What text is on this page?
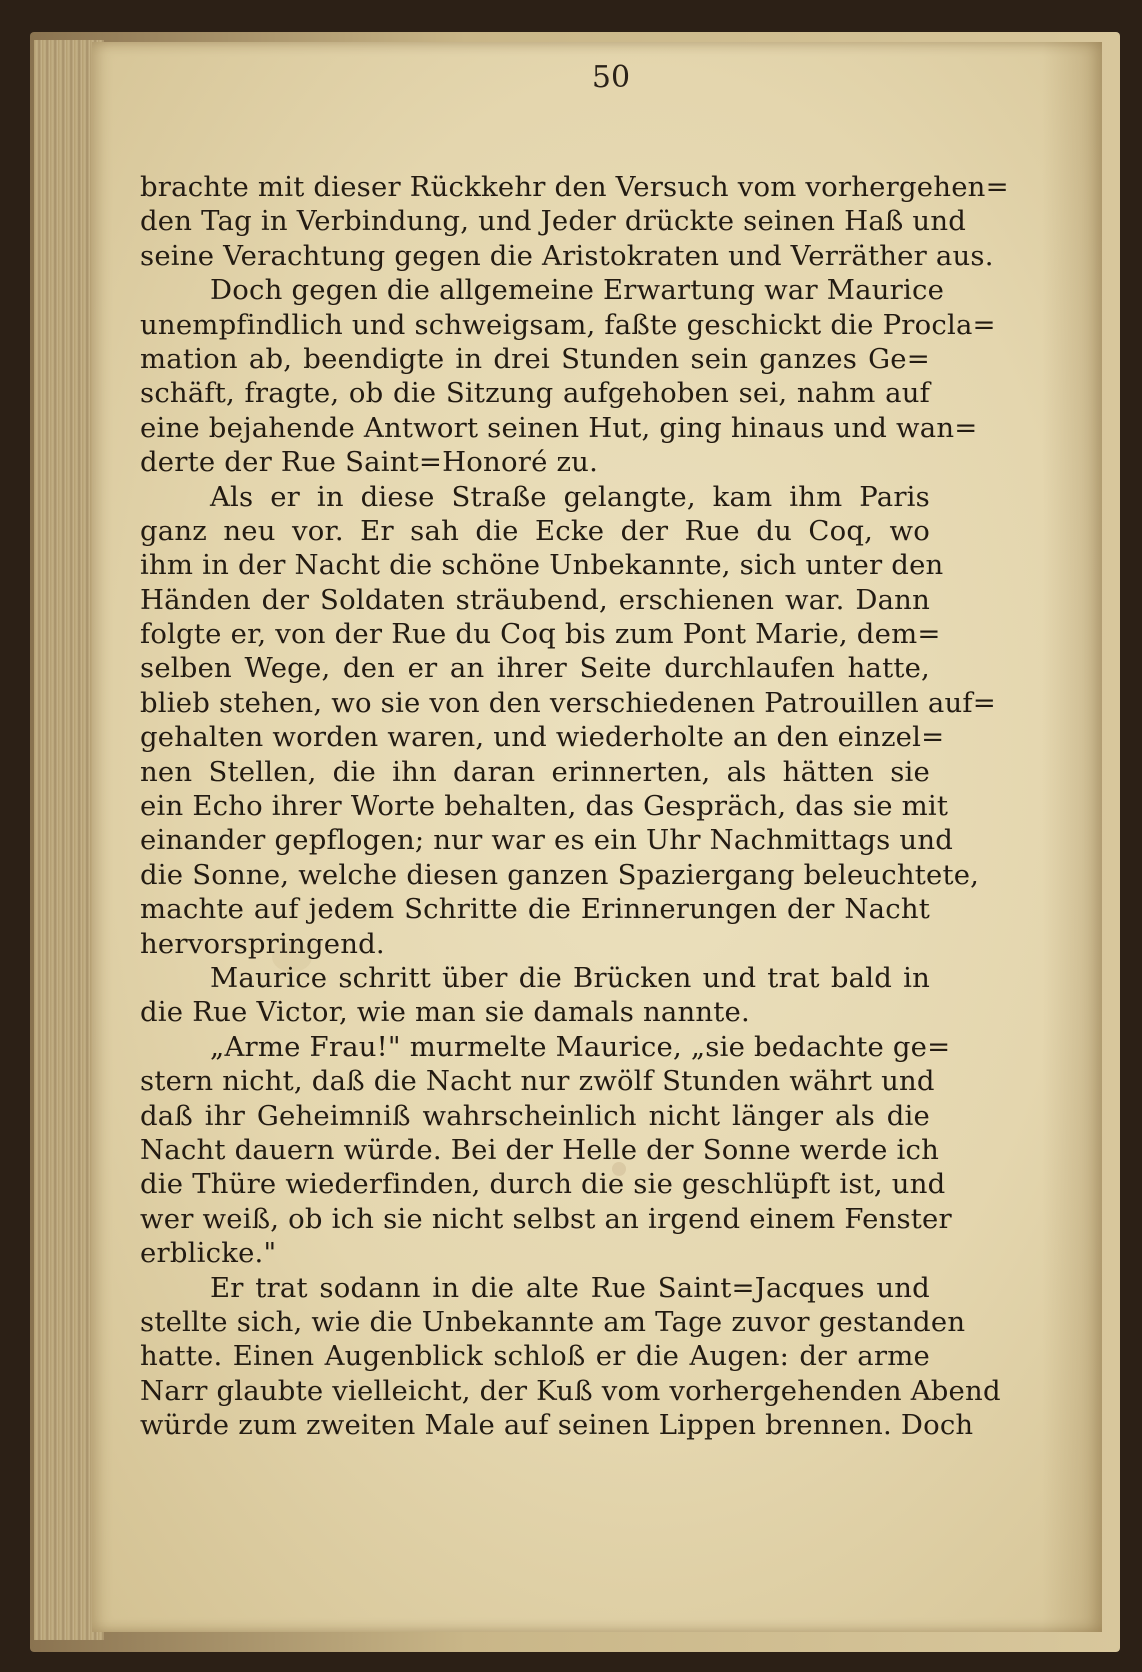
50
brachte mit dieser Rückkehr den Versuch vom vorhergehen=
den Tag in Verbindung, und Jeder drückte seinen Haß und
seine Verachtung gegen die Aristokraten und Verräther aus.
Doch gegen die allgemeine Erwartung war Maurice
unempfindlich und schweigsam, faßte geschickt die Procla=
mation ab, beendigte in drei Stunden sein ganzes Ge=
schäft, fragte, ob die Sitzung aufgehoben sei, nahm auf
eine bejahende Antwort seinen Hut, ging hinaus und wan=
derte der Rue Saint=Honoré zu.
Als er in diese Straße gelangte, kam ihm Paris
ganz neu vor. Er sah die Ecke der Rue du Coq, wo
ihm in der Nacht die schöne Unbekannte, sich unter den
Händen der Soldaten sträubend, erschienen war. Dann
folgte er, von der Rue du Coq bis zum Pont Marie, dem=
selben Wege, den er an ihrer Seite durchlaufen hatte,
blieb stehen, wo sie von den verschiedenen Patrouillen auf=
gehalten worden waren, und wiederholte an den einzel=
nen Stellen, die ihn daran erinnerten, als hätten sie
ein Echo ihrer Worte behalten, das Gespräch, das sie mit
einander gepflogen; nur war es ein Uhr Nachmittags und
die Sonne, welche diesen ganzen Spaziergang beleuchtete,
machte auf jedem Schritte die Erinnerungen der Nacht
hervorspringend.
Maurice schritt über die Brücken und trat bald in
die Rue Victor, wie man sie damals nannte.
„Arme Frau!" murmelte Maurice, „sie bedachte ge=
stern nicht, daß die Nacht nur zwölf Stunden währt und
daß ihr Geheimniß wahrscheinlich nicht länger als die
Nacht dauern würde. Bei der Helle der Sonne werde ich
die Thüre wiederfinden, durch die sie geschlüpft ist, und
wer weiß, ob ich sie nicht selbst an irgend einem Fenster
erblicke."
Er trat sodann in die alte Rue Saint=Jacques und
stellte sich, wie die Unbekannte am Tage zuvor gestanden
hatte. Einen Augenblick schloß er die Augen: der arme
Narr glaubte vielleicht, der Kuß vom vorhergehenden Abend
würde zum zweiten Male auf seinen Lippen brennen. Doch
